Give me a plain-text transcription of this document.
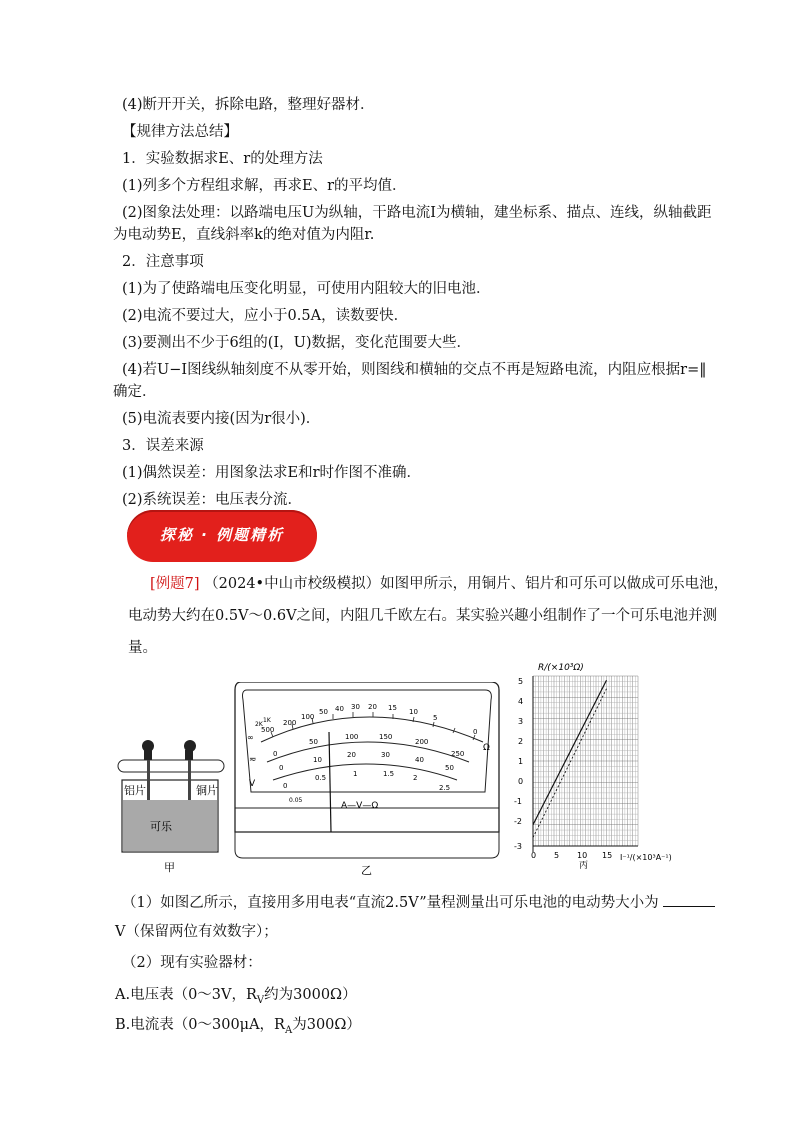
(4)断开开关，拆除电路，整理好器材．
【规律方法总结】
1．实验数据求E、r的处理方法
(1)列多个方程组求解，再求E、r的平均值．
(2)图象法处理：以路端电压U为纵轴，干路电流I为横轴，建坐标系、描点、连线，纵轴截距
为电动势E，直线斜率k的绝对值为内阻r.
2．注意事项
(1)为了使路端电压变化明显，可使用内阻较大的旧电池．
(2)电流不要过大，应小于0.5A，读数要快．
(3)要测出不少于6组的(I，U)数据，变化范围要大些．
(4)若U−I图线纵轴刻度不从零开始，则图线和横轴的交点不再是短路电流，内阻应根据r=‖
确定．
(5)电流表要内接(因为r很小)．
3．误差来源
(1)偶然误差：用图象法求E和r时作图不准确．
(2)系统误差：电压表分流．
探秘 · 例题精析
[例题7] （2024•中山市校级模拟）如图甲所示，用铜片、铝片和可乐可以做成可乐电池，
电动势大约在0.5V～0.6V之间，内阻几千欧左右。某实验兴趣小组制作了一个可乐电池并测
量。
铝片	铜片
可乐
甲
500
200
100
50 40 30 20 15 10
5
0
Ω
∞
2K
1K
0
50
100	150
200
250
0
10
20	30
40
50
0
0.5	1	1.5	2
2.5
≂
V
0.05
A—V—Ω
乙
R/(×10³Ω)
I⁻¹/(×10³A⁻¹)
5
4
3
2
1
0
-1
-2
-3
0 5 10 15
丙
（1）如图乙所示，直接用多用电表“直流2.5V”量程测量出可乐电池的电动势大小为
V（保留两位有效数字）；
（2）现有实验器材：
A.电压表（0～3V，$R_V$约为3000Ω）
B.电流表（0～300μA，$R_A$为300Ω）
